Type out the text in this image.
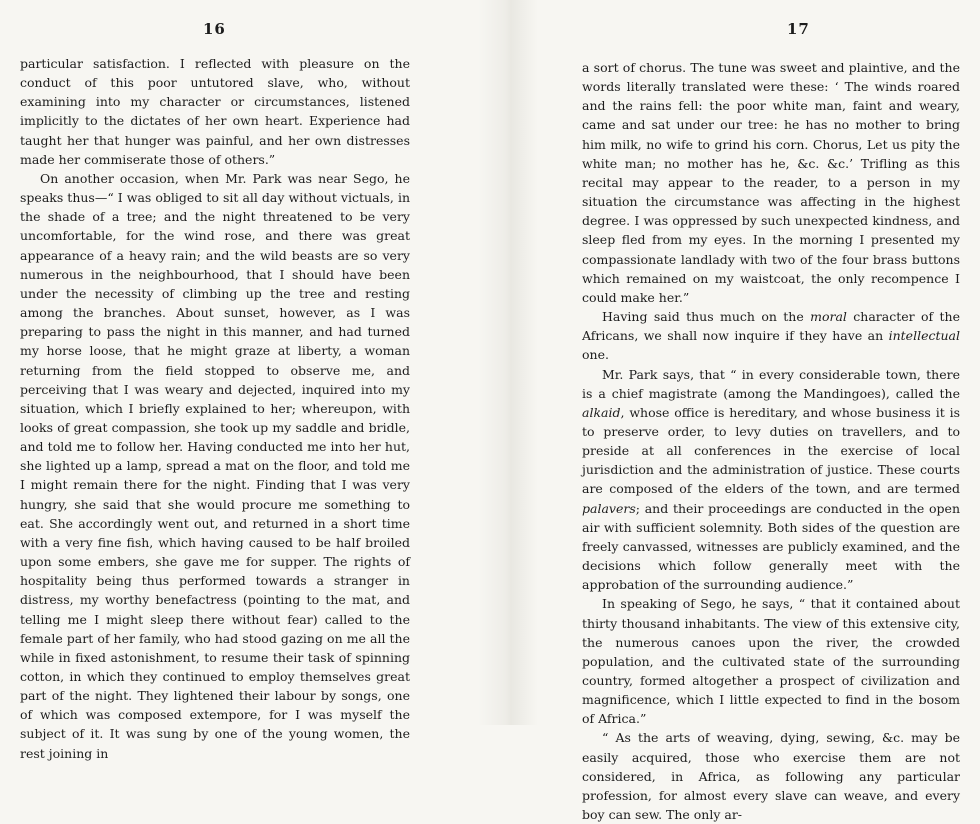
16

particular satisfaction. I reflected with pleasure on the conduct of this poor untutored slave, who, without examining into my character or circumstances, listened implicitly to the dictates of her own heart. Experience had taught her that hunger was painful, and her own distresses made her commiserate those of others.”

On another occasion, when Mr. Park was near Sego, he speaks thus—“ I was obliged to sit all day without victuals, in the shade of a tree; and the night threatened to be very uncomfortable, for the wind rose, and there was great appearance of a heavy rain; and the wild beasts are so very numerous in the neighbourhood, that I should have been under the necessity of climbing up the tree and resting among the branches. About sunset, however, as I was preparing to pass the night in this manner, and had turned my horse loose, that he might graze at liberty, a woman returning from the field stopped to observe me, and perceiving that I was weary and dejected, inquired into my situation, which I briefly explained to her; whereupon, with looks of great compassion, she took up my saddle and bridle, and told me to follow her. Having conducted me into her hut, she lighted up a lamp, spread a mat on the floor, and told me I might remain there for the night. Finding that I was very hungry, she said that she would procure me something to eat. She accordingly went out, and returned in a short time with a very fine fish, which having caused to be half broiled upon some embers, she gave me for supper. The rights of hospitality being thus performed towards a stranger in distress, my worthy benefactress (pointing to the mat, and telling me I might sleep there without fear) called to the female part of her family, who had stood gazing on me all the while in fixed astonishment, to resume their task of spinning cotton, in which they continued to employ themselves great part of the night. They lightened their labour by songs, one of which was composed extempore, for I was myself the subject of it. It was sung by one of the young women, the rest joining in

17

a sort of chorus. The tune was sweet and plaintive, and the words literally translated were these: ‘ The winds roared and the rains fell: the poor white man, faint and weary, came and sat under our tree: he has no mother to bring him milk, no wife to grind his corn. Chorus, Let us pity the white man; no mother has he, &c. &c.’ Trifling as this recital may appear to the reader, to a person in my situation the circumstance was affecting in the highest degree. I was oppressed by such unexpected kindness, and sleep fled from my eyes. In the morning I presented my compassionate landlady with two of the four brass buttons which remained on my waistcoat, the only recompence I could make her.”

Having said thus much on the moral character of the Africans, we shall now inquire if they have an intellectual one.

Mr. Park says, that “ in every considerable town, there is a chief magistrate (among the Mandingoes), called the alkaid, whose office is hereditary, and whose business it is to preserve order, to levy duties on travellers, and to preside at all conferences in the exercise of local jurisdiction and the administration of justice. These courts are composed of the elders of the town, and are termed palavers; and their proceedings are conducted in the open air with sufficient solemnity. Both sides of the question are freely canvassed, witnesses are publicly examined, and the decisions which follow generally meet with the approbation of the surrounding audience.”

In speaking of Sego, he says, “ that it contained about thirty thousand inhabitants. The view of this extensive city, the numerous canoes upon the river, the crowded population, and the cultivated state of the surrounding country, formed altogether a prospect of civilization and magnificence, which I little expected to find in the bosom of Africa.”

“ As the arts of weaving, dying, sewing, &c. may be easily acquired, those who exercise them are not considered, in Africa, as following any particular profession, for almost every slave can weave, and every boy can sew. The only ar-
